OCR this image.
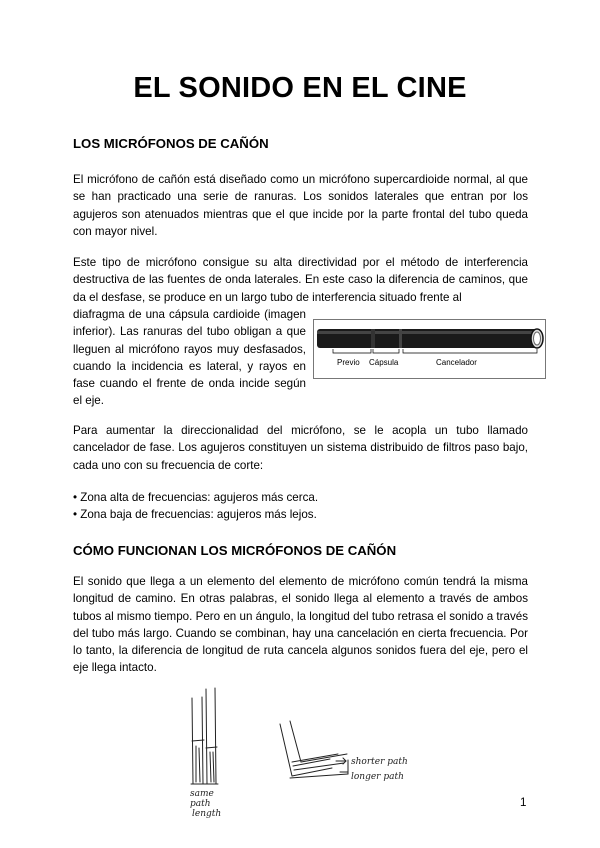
EL SONIDO EN EL CINE
LOS MICRÓFONOS DE CAÑÓN
El micrófono de cañón está diseñado como un micrófono supercardioide normal, al que se han practicado una serie de ranuras. Los sonidos laterales que entran por los agujeros son atenuados mientras que el que incide por la parte frontal del tubo queda con mayor nivel.
Este tipo de micrófono consigue su alta directividad por el método de interferencia destructiva de las fuentes de onda laterales. En este caso la diferencia de caminos, que da el desfase, se produce en un largo tubo de interferencia situado frente al
diafragma de una cápsula cardioide (imagen inferior). Las ranuras del tubo obligan a que lleguen al micrófono rayos muy desfasados, cuando la incidencia es lateral, y rayos en fase cuando el frente de onda incide según el eje.
Previo Cápsula	Cancelador
Para aumentar la direccionalidad del micrófono, se le acopla un tubo llamado cancelador de fase. Los agujeros constituyen un sistema distribuido de filtros paso bajo, cada uno con su frecuencia de corte:
• Zona alta de frecuencias: agujeros más cerca.
• Zona baja de frecuencias: agujeros más lejos.
CÓMO FUNCIONAN LOS MICRÓFONOS DE CAÑÓN
El sonido que llega a un elemento del elemento de micrófono común tendrá la misma longitud de camino. En otras palabras, el sonido llega al elemento a través de ambos tubos al mismo tiempo. Pero en un ángulo, la longitud del tubo retrasa el sonido a través del tubo más largo. Cuando se combinan, hay una cancelación en cierta frecuencia. Por lo tanto, la diferencia de longitud de ruta cancela algunos sonidos fuera del eje, pero el eje llega intacto.
same
path
length
shorter path
longer path
1
